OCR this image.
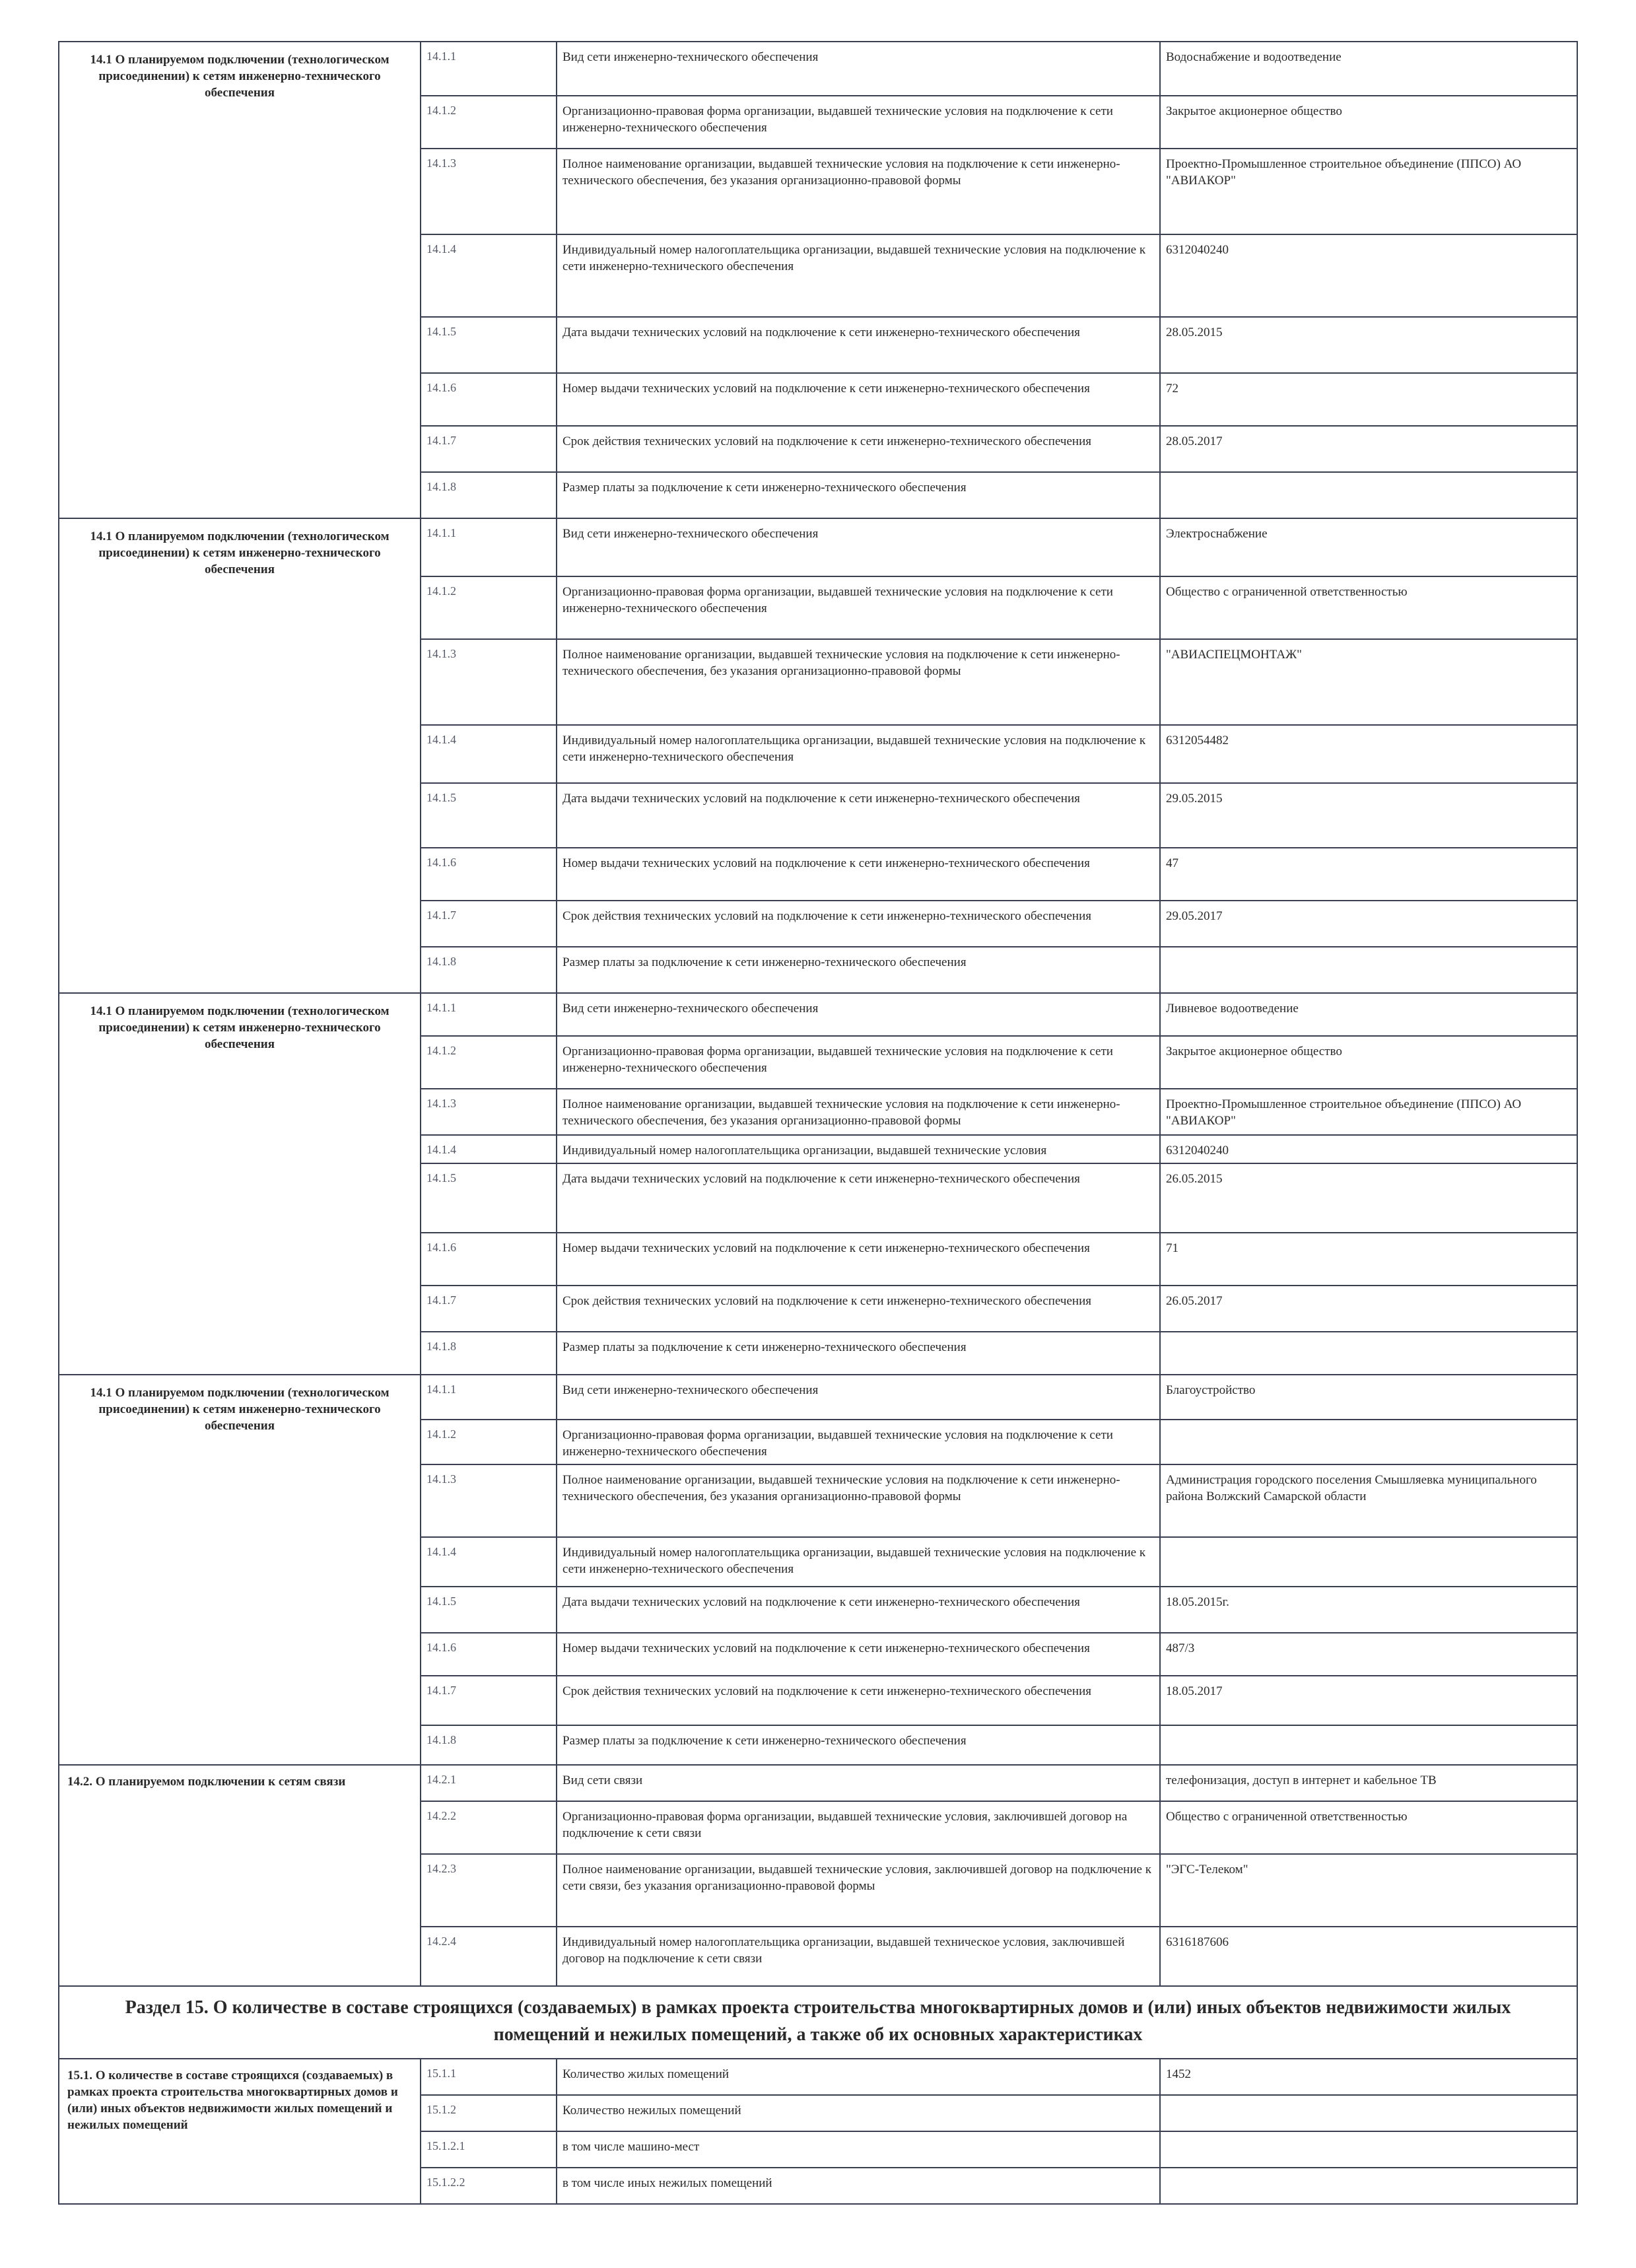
14.1 О планируемом подключении (технологическом присоединении) к сетям инженерно-технического обеспечения	14.1.1	Вид сети инженерно-технического обеспечения	Водоснабжение и водоотведение
	14.1.2	Организационно-правовая форма организации, выдавшей технические условия на подключение к сети инженерно-технического обеспечения	Закрытое акционерное общество
	14.1.3	Полное наименование организации, выдавшей технические условия на подключение к сети инженерно-технического обеспечения, без указания организационно-правовой формы	Проектно-Промышленное строительное объединение (ППСО) АО "АВИАКОР"
	14.1.4	Индивидуальный номер налогоплательщика организации, выдавшей технические условия на подключение к сети инженерно-технического обеспечения	6312040240
	14.1.5	Дата выдачи технических условий на подключение к сети инженерно-технического обеспечения	28.05.2015
	14.1.6	Номер выдачи технических условий на подключение к сети инженерно-технического обеспечения	72
	14.1.7	Срок действия технических условий на подключение к сети инженерно-технического обеспечения	28.05.2017
	14.1.8	Размер платы за подключение к сети инженерно-технического обеспечения	
14.1 О планируемом подключении (технологическом присоединении) к сетям инженерно-технического обеспечения	14.1.1	Вид сети инженерно-технического обеспечения	Электроснабжение
	14.1.2	Организационно-правовая форма организации, выдавшей технические условия на подключение к сети инженерно-технического обеспечения	Общество с ограниченной ответственностью
	14.1.3	Полное наименование организации, выдавшей технические условия на подключение к сети инженерно-технического обеспечения, без указания организационно-правовой формы	"АВИАСПЕЦМОНТАЖ"
	14.1.4	Индивидуальный номер налогоплательщика организации, выдавшей технические условия на подключение к сети инженерно-технического обеспечения	6312054482
	14.1.5	Дата выдачи технических условий на подключение к сети инженерно-технического обеспечения	29.05.2015
	14.1.6	Номер выдачи технических условий на подключение к сети инженерно-технического обеспечения	47
	14.1.7	Срок действия технических условий на подключение к сети инженерно-технического обеспечения	29.05.2017
	14.1.8	Размер платы за подключение к сети инженерно-технического обеспечения	
14.1 О планируемом подключении (технологическом присоединении) к сетям инженерно-технического обеспечения	14.1.1	Вид сети инженерно-технического обеспечения	Ливневое водоотведение
	14.1.2	Организационно-правовая форма организации, выдавшей технические условия на подключение к сети инженерно-технического обеспечения	Закрытое акционерное общество
	14.1.3	Полное наименование организации, выдавшей технические условия на подключение к сети инженерно-технического обеспечения, без указания организационно-правовой формы	Проектно-Промышленное строительное объединение (ППСО) АО "АВИАКОР"
	14.1.4	Индивидуальный номер налогоплательщика организации, выдавшей технические условия	6312040240
	14.1.5	Дата выдачи технических условий на подключение к сети инженерно-технического обеспечения	26.05.2015
	14.1.6	Номер выдачи технических условий на подключение к сети инженерно-технического обеспечения	71
	14.1.7	Срок действия технических условий на подключение к сети инженерно-технического обеспечения	26.05.2017
	14.1.8	Размер платы за подключение к сети инженерно-технического обеспечения	
14.1 О планируемом подключении (технологическом присоединении) к сетям инженерно-технического обеспечения	14.1.1	Вид сети инженерно-технического обеспечения	Благоустройство
	14.1.2	Организационно-правовая форма организации, выдавшей технические условия на подключение к сети инженерно-технического обеспечения	
	14.1.3	Полное наименование организации, выдавшей технические условия на подключение к сети инженерно-технического обеспечения, без указания организационно-правовой формы	Администрация городского поселения Смышляевка муниципального района Волжский Самарской области
	14.1.4	Индивидуальный номер налогоплательщика организации, выдавшей технические условия на подключение к сети инженерно-технического обеспечения	
	14.1.5	Дата выдачи технических условий на подключение к сети инженерно-технического обеспечения	18.05.2015г.
	14.1.6	Номер выдачи технических условий на подключение к сети инженерно-технического обеспечения	487/3
	14.1.7	Срок действия технических условий на подключение к сети инженерно-технического обеспечения	18.05.2017
	14.1.8	Размер платы за подключение к сети инженерно-технического обеспечения	
14.2. О планируемом подключении к сетям связи	14.2.1	Вид сети связи	телефонизация, доступ в интернет и кабельное ТВ
	14.2.2	Организационно-правовая форма организации, выдавшей технические условия, заключившей договор на подключение к сети связи	Общество с ограниченной ответственностью
	14.2.3	Полное наименование организации, выдавшей технические условия, заключившей договор на подключение к сети связи, без указания организационно-правовой формы	"ЭГС-Телеком"
	14.2.4	Индивидуальный номер налогоплательщика организации, выдавшей техническое условия, заключившей договор на подключение к сети связи	6316187606
Раздел 15. О количестве в составе строящихся (создаваемых) в рамках проекта строительства многоквартирных домов и (или) иных объектов недвижимости жилых помещений и нежилых помещений, а также об их основных характеристиках			
15.1. О количестве в составе строящихся (создаваемых) в рамках проекта строительства многоквартирных домов и (или) иных объектов недвижимости жилых помещений и нежилых помещений	15.1.1	Количество жилых помещений	1452
	15.1.2	Количество нежилых помещений	
	15.1.2.1	в том числе машино-мест	
	15.1.2.2	в том числе иных нежилых помещений	
